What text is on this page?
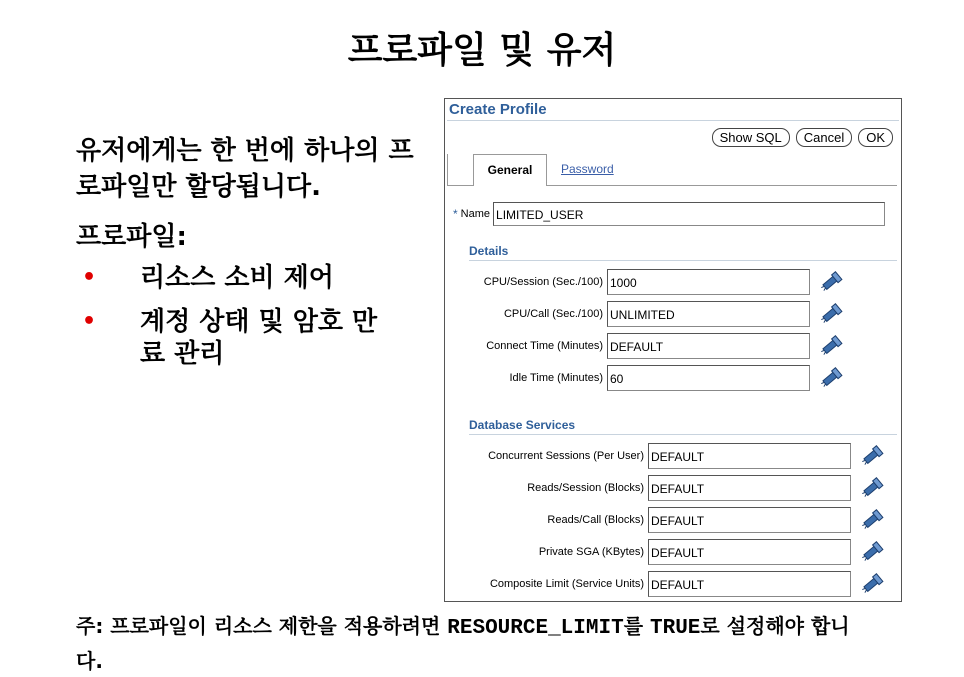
프로파일 및 유저
유저에게는 한 번에 하나의 프로파일만 할당됩니다.
프로파일:
• 리소스 소비 제어
• 계정 상태 및 암호 만료 관리
Create Profile
Show SQL	Cancel	OK
General	Password
* Name LIMITED_USER
Details
CPU/Session (Sec./100) 1000
CPU/Call (Sec./100) UNLIMITED
Connect Time (Minutes) DEFAULT
Idle Time (Minutes) 60
Database Services
Concurrent Sessions (Per User) DEFAULT
Reads/Session (Blocks) DEFAULT
Reads/Call (Blocks) DEFAULT
Private SGA (KBytes) DEFAULT
Composite Limit (Service Units) DEFAULT
주: 프로파일이 리소스 제한을 적용하려면 RESOURCE_LIMIT를 TRUE로 설정해야 합니다.
